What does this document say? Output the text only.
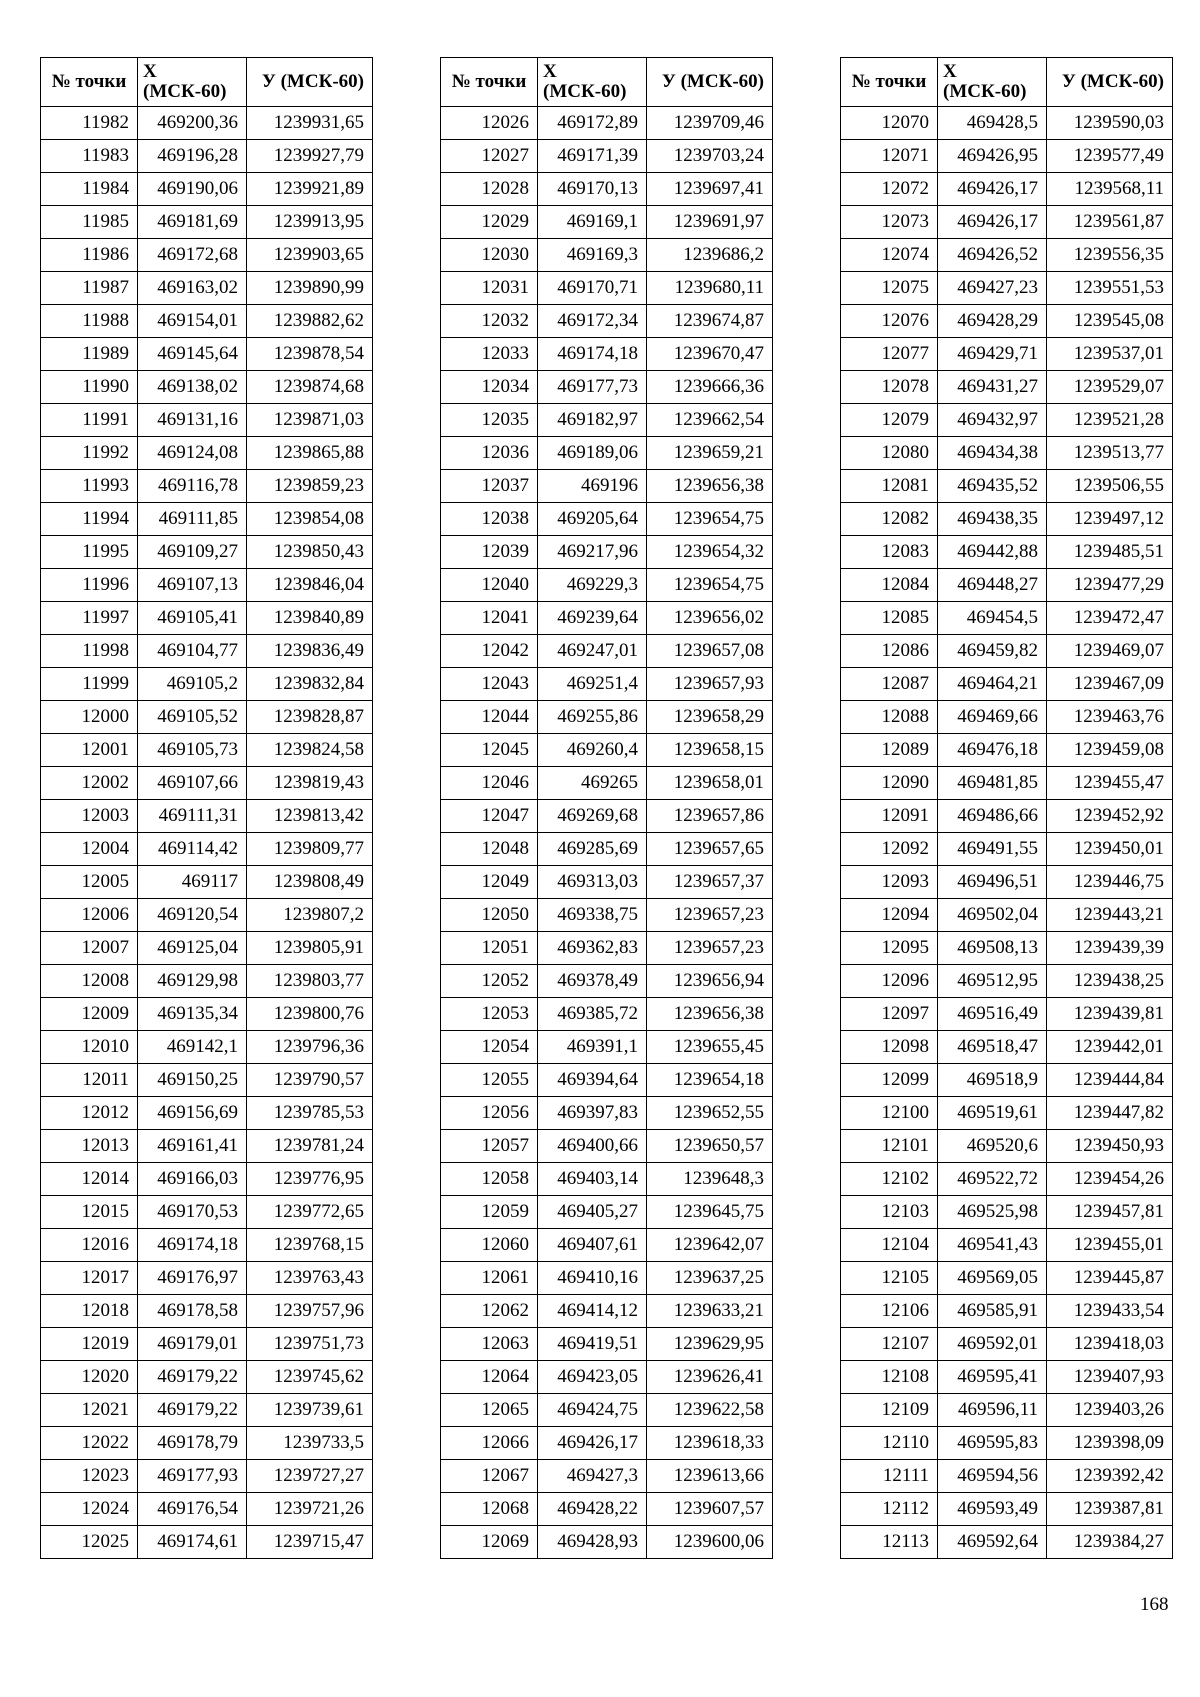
№ точки	Х (МСК-60)	У (МСК-60)
11982	469200,36	1239931,65
11983	469196,28	1239927,79
11984	469190,06	1239921,89
11985	469181,69	1239913,95
11986	469172,68	1239903,65
11987	469163,02	1239890,99
11988	469154,01	1239882,62
11989	469145,64	1239878,54
11990	469138,02	1239874,68
11991	469131,16	1239871,03
11992	469124,08	1239865,88
11993	469116,78	1239859,23
11994	469111,85	1239854,08
11995	469109,27	1239850,43
11996	469107,13	1239846,04
11997	469105,41	1239840,89
11998	469104,77	1239836,49
11999	469105,2	1239832,84
12000	469105,52	1239828,87
12001	469105,73	1239824,58
12002	469107,66	1239819,43
12003	469111,31	1239813,42
12004	469114,42	1239809,77
12005	469117	1239808,49
12006	469120,54	1239807,2
12007	469125,04	1239805,91
12008	469129,98	1239803,77
12009	469135,34	1239800,76
12010	469142,1	1239796,36
12011	469150,25	1239790,57
12012	469156,69	1239785,53
12013	469161,41	1239781,24
12014	469166,03	1239776,95
12015	469170,53	1239772,65
12016	469174,18	1239768,15
12017	469176,97	1239763,43
12018	469178,58	1239757,96
12019	469179,01	1239751,73
12020	469179,22	1239745,62
12021	469179,22	1239739,61
12022	469178,79	1239733,5
12023	469177,93	1239727,27
12024	469176,54	1239721,26
12025	469174,61	1239715,47
№ точки	Х (МСК-60)	У (МСК-60)
12026	469172,89	1239709,46
12027	469171,39	1239703,24
12028	469170,13	1239697,41
12029	469169,1	1239691,97
12030	469169,3	1239686,2
12031	469170,71	1239680,11
12032	469172,34	1239674,87
12033	469174,18	1239670,47
12034	469177,73	1239666,36
12035	469182,97	1239662,54
12036	469189,06	1239659,21
12037	469196	1239656,38
12038	469205,64	1239654,75
12039	469217,96	1239654,32
12040	469229,3	1239654,75
12041	469239,64	1239656,02
12042	469247,01	1239657,08
12043	469251,4	1239657,93
12044	469255,86	1239658,29
12045	469260,4	1239658,15
12046	469265	1239658,01
12047	469269,68	1239657,86
12048	469285,69	1239657,65
12049	469313,03	1239657,37
12050	469338,75	1239657,23
12051	469362,83	1239657,23
12052	469378,49	1239656,94
12053	469385,72	1239656,38
12054	469391,1	1239655,45
12055	469394,64	1239654,18
12056	469397,83	1239652,55
12057	469400,66	1239650,57
12058	469403,14	1239648,3
12059	469405,27	1239645,75
12060	469407,61	1239642,07
12061	469410,16	1239637,25
12062	469414,12	1239633,21
12063	469419,51	1239629,95
12064	469423,05	1239626,41
12065	469424,75	1239622,58
12066	469426,17	1239618,33
12067	469427,3	1239613,66
12068	469428,22	1239607,57
12069	469428,93	1239600,06
№ точки	Х (МСК-60)	У (МСК-60)
12070	469428,5	1239590,03
12071	469426,95	1239577,49
12072	469426,17	1239568,11
12073	469426,17	1239561,87
12074	469426,52	1239556,35
12075	469427,23	1239551,53
12076	469428,29	1239545,08
12077	469429,71	1239537,01
12078	469431,27	1239529,07
12079	469432,97	1239521,28
12080	469434,38	1239513,77
12081	469435,52	1239506,55
12082	469438,35	1239497,12
12083	469442,88	1239485,51
12084	469448,27	1239477,29
12085	469454,5	1239472,47
12086	469459,82	1239469,07
12087	469464,21	1239467,09
12088	469469,66	1239463,76
12089	469476,18	1239459,08
12090	469481,85	1239455,47
12091	469486,66	1239452,92
12092	469491,55	1239450,01
12093	469496,51	1239446,75
12094	469502,04	1239443,21
12095	469508,13	1239439,39
12096	469512,95	1239438,25
12097	469516,49	1239439,81
12098	469518,47	1239442,01
12099	469518,9	1239444,84
12100	469519,61	1239447,82
12101	469520,6	1239450,93
12102	469522,72	1239454,26
12103	469525,98	1239457,81
12104	469541,43	1239455,01
12105	469569,05	1239445,87
12106	469585,91	1239433,54
12107	469592,01	1239418,03
12108	469595,41	1239407,93
12109	469596,11	1239403,26
12110	469595,83	1239398,09
12111	469594,56	1239392,42
12112	469593,49	1239387,81
12113	469592,64	1239384,27
168
